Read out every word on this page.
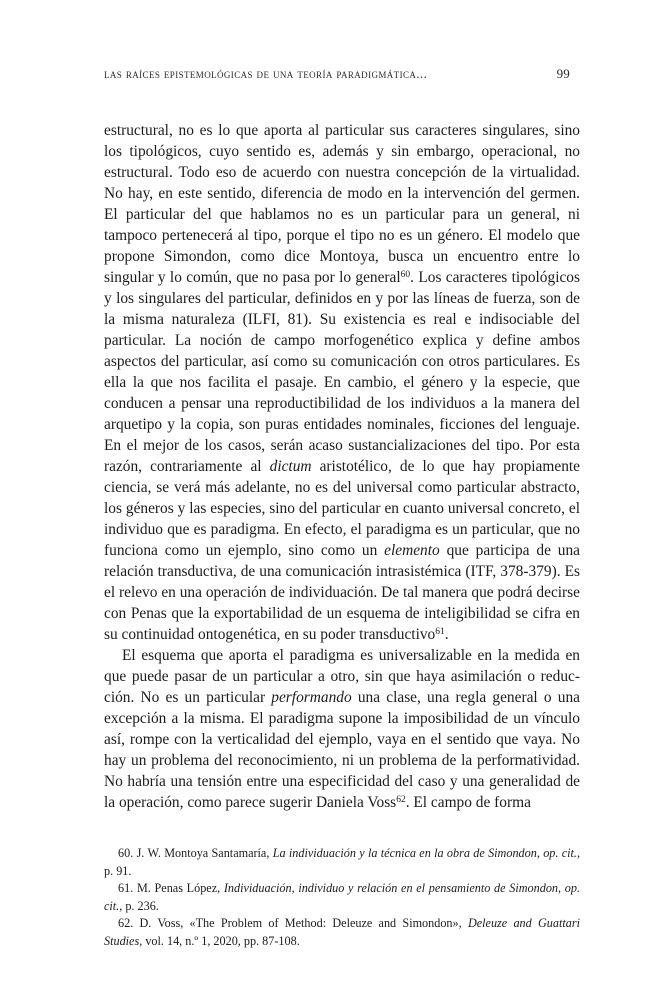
las raíces epistemológicas de una teoría paradigmática...	99

estructural, no es lo que aporta al particular sus caracteres singulares, sino los tipológicos, cuyo sentido es, además y sin embargo, operacional, no estructural. Todo eso de acuerdo con nuestra concepción de la virtualidad. No hay, en este sentido, diferencia de modo en la intervención del germen. El particular del que hablamos no es un particular para un general, ni tampoco pertenecerá al tipo, porque el tipo no es un género. El modelo que propone Simondon, como dice Montoya, busca un encuentro entre lo singular y lo común, que no pasa por lo general$^{60}$. Los caracteres tipológicos y los singulares del particular, definidos en y por las líneas de fuerza, son de la misma naturaleza (ILFI, 81). Su existencia es real e indisociable del particular. La noción de campo morfogenético explica y define ambos aspectos del particular, así como su comunicación con otros particulares. Es ella la que nos facilita el pasaje. En cambio, el género y la especie, que conducen a pensar una reproductibilidad de los individuos a la manera del arquetipo y la copia, son puras entidades nominales, ficciones del lenguaje. En el mejor de los casos, serán acaso sustancializaciones del tipo. Por esta razón, contrariamente al dictum aristotélico, de lo que hay propiamente ciencia, se verá más adelante, no es del universal como particular abstracto, los géneros y las especies, sino del particular en cuanto universal concreto, el individuo que es paradigma. En efecto, el paradigma es un particular, que no funciona como un ejemplo, sino como un elemento que participa de una relación transductiva, de una comunicación intrasistémica (ITF, 378-379). Es el relevo en una operación de individuación. De tal manera que podrá decirse con Penas que la exportabilidad de un esquema de inteligibilidad se cifra en su continuidad ontogenética, en su poder transductivo$^{61}$.

El esquema que aporta el paradigma es universalizable en la medida en que puede pasar de un particular a otro, sin que haya asimilación o reducción. No es un particular performando una clase, una regla general o una excepción a la misma. El paradigma supone la imposibilidad de un vínculo así, rompe con la verticalidad del ejemplo, vaya en el sentido que vaya. No hay un problema del reconocimiento, ni un problema de la performatividad. No habría una tensión entre una especificidad del caso y una generalidad de la operación, como parece sugerir Daniela Voss$^{62}$. El campo de forma

60. J. W. Montoya Santamaría, La individuación y la técnica en la obra de Simondon, op. cit., p. 91.

61. M. Penas López, Individuación, individuo y relación en el pensamiento de Simondon, op. cit., p. 236.

62. D. Voss, «The Problem of Method: Deleuze and Simondon», Deleuze and Guattari Studies, vol. 14, n.º 1, 2020, pp. 87-108.
